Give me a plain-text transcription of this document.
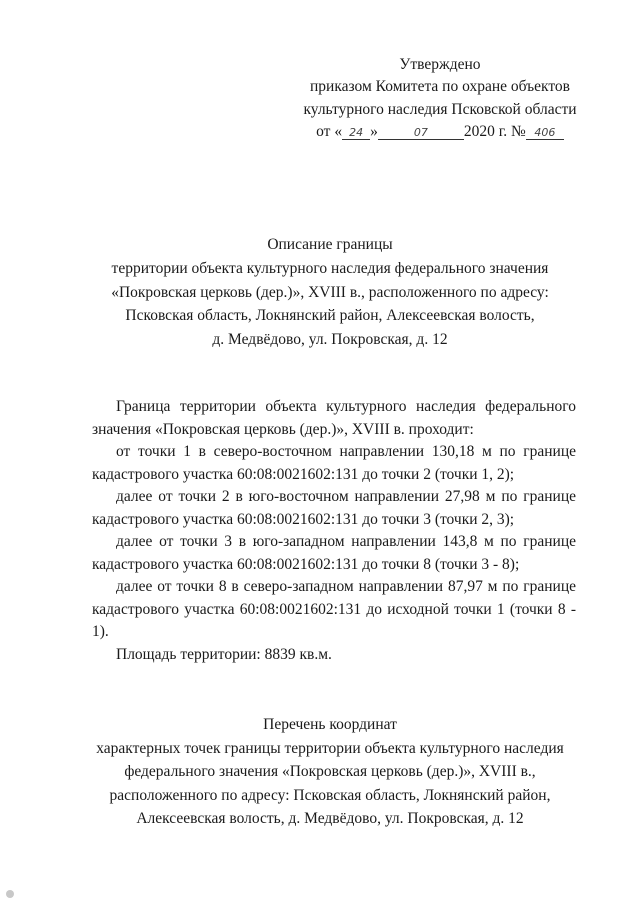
Утверждено
приказом Комитета по охране объектов
культурного наследия Псковской области
от « 24 »	07 2020 г. № 406
Описание границы
территории объекта культурного наследия федерального значения
«Покровская церковь (дер.)», XVIII в., расположенного по адресу:
Псковская область, Локнянский район, Алексеевская волость,
д. Медвёдово, ул. Покровская, д. 12

Граница территории объекта культурного наследия федерального значения «Покровская церковь (дер.)», XVIII в. проходит:

от точки 1 в северо-восточном направлении 130,18 м по границе кадастрового участка 60:08:0021602:131 до точки 2 (точки 1, 2);

далее от точки 2 в юго-восточном направлении 27,98 м по границе кадастрового участка 60:08:0021602:131 до точки 3 (точки 2, 3);

далее от точки 3 в юго-западном направлении 143,8 м по границе кадастрового участка 60:08:0021602:131 до точки 8 (точки 3 - 8);

далее от точки 8 в северо-западном направлении 87,97 м по границе кадастрового участка 60:08:0021602:131 до исходной точки 1 (точки 8 - 1).

Площадь территории: 8839 кв.м.

Перечень координат
характерных точек границы территории объекта культурного наследия
федерального значения «Покровская церковь (дер.)», XVIII в.,
расположенного по адресу: Псковская область, Локнянский район,
Алексеевская волость, д. Медвёдово, ул. Покровская, д. 12
